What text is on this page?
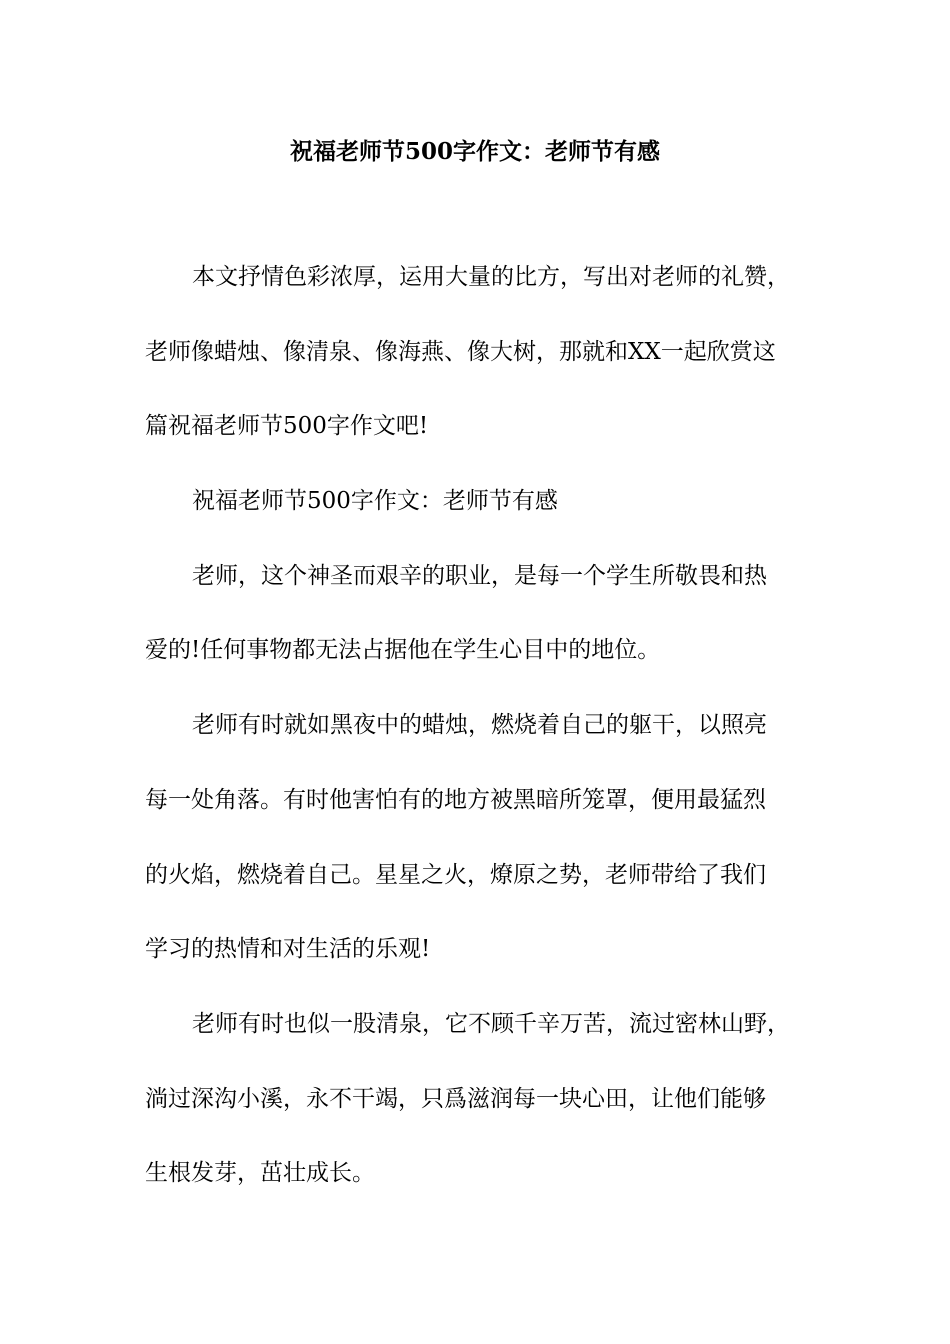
祝福老师节500字作文：老师节有感
本文抒情色彩浓厚，运用大量的比方，写出对老师的礼赞，
老师像蜡烛、像清泉、像海燕、像大树，那就和XX一起欣赏这
篇祝福老师节500字作文吧!
祝福老师节500字作文：老师节有感
老师，这个神圣而艰辛的职业，是每一个学生所敬畏和热
爱的!任何事物都无法占据他在学生心目中的地位。
老师有时就如黑夜中的蜡烛，燃烧着自己的躯干，以照亮
每一处角落。有时他害怕有的地方被黑暗所笼罩，便用最猛烈
的火焰，燃烧着自己。星星之火，燎原之势，老师带给了我们
学习的热情和对生活的乐观!
老师有时也似一股清泉，它不顾千辛万苦，流过密林山野，
淌过深沟小溪，永不干竭，只爲滋润每一块心田，让他们能够
生根发芽，茁壮成长。
